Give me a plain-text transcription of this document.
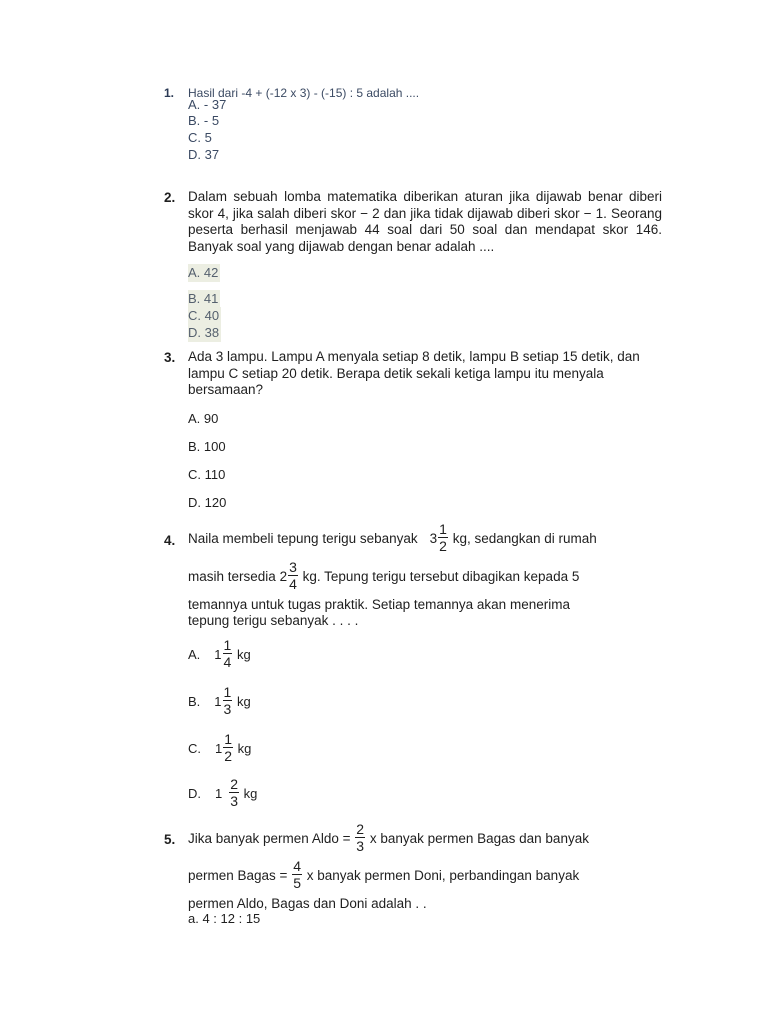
1. Hasil dari -4 + (-12 x 3) - (-15) : 5 adalah ....
A. - 37
B. - 5
C. 5
D. 37
2. Dalam sebuah lomba matematika diberikan aturan jika dijawab benar diberi skor 4, jika salah diberi skor − 2 dan jika tidak dijawab diberi skor − 1. Seorang peserta berhasil menjawab 44 soal dari 50 soal dan mendapat skor 146. Banyak soal yang dijawab dengan benar adalah ....
A. 42
B. 41
C. 40
D. 38
3. Ada 3 lampu. Lampu A menyala setiap 8 detik, lampu B setiap 15 detik, dan lampu C setiap 20 detik. Berapa detik sekali ketiga lampu itu menyala bersamaan?
A. 90
B. 100
C. 110
D. 120
4. Naila membeli tepung terigu sebanyak $3 \frac{1}{2}$ kg, sedangkan di rumah
masih tersedia $2 \frac{3}{4}$ kg. Tepung terigu tersebut dibagikan kepada 5
temannya untuk tugas praktik. Setiap temannya akan menerima
tepung terigu sebanyak . . . .
A. $1 \frac{1}{4}$ kg
B. $1 \frac{1}{3}$ kg
C. $1 \frac{1}{2}$ kg
D. $1 \frac{2}{3}$ kg
5. Jika banyak permen Aldo = $\frac{2}{3}$ x banyak permen Bagas dan banyak
permen Bagas = $\frac{4}{5}$ x banyak permen Doni, perbandingan banyak
permen Aldo, Bagas dan Doni adalah . .
a. 4 : 12 : 15
